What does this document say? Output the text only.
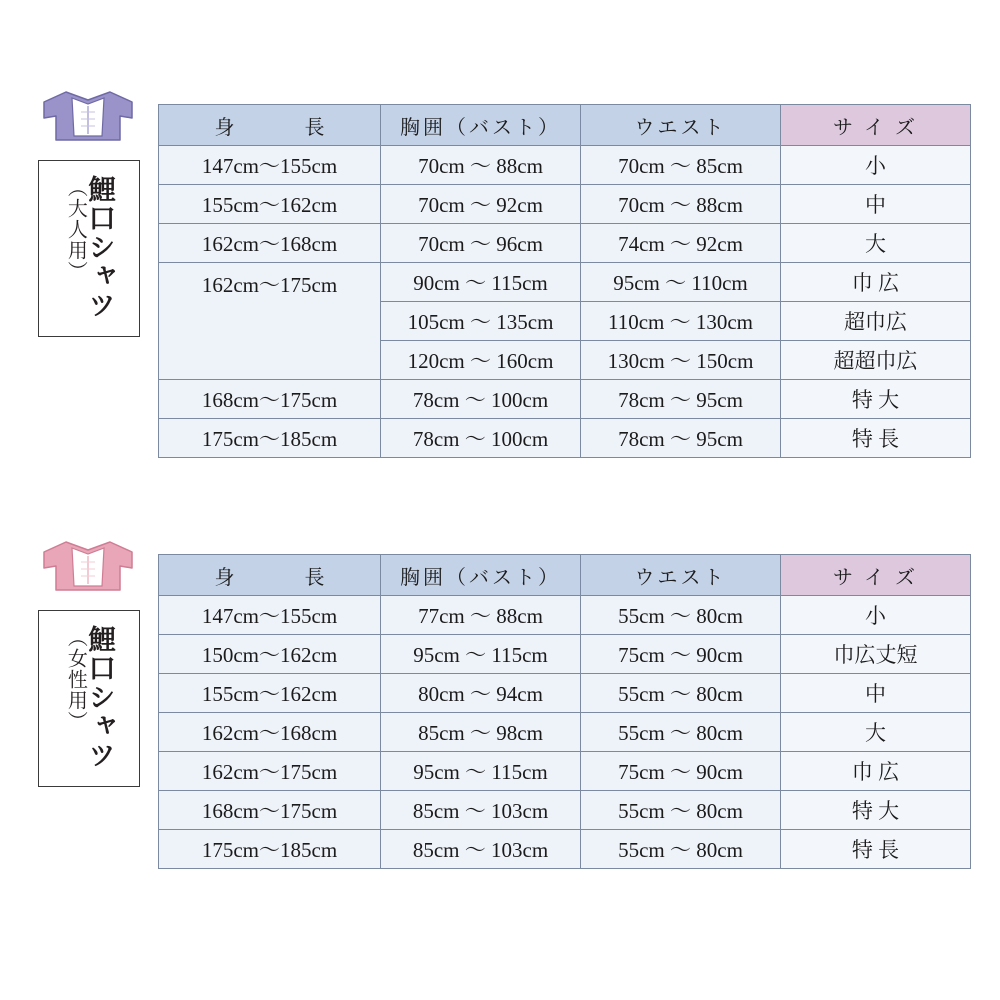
鯉口シャツ
（大人用）
身 長	胸囲（バスト）	ウエスト	サ イ ズ
147cm〜155cm	70cm 〜 88cm	70cm 〜 85cm	小
155cm〜162cm	70cm 〜 92cm	70cm 〜 88cm	中
162cm〜168cm	70cm 〜 96cm	74cm 〜 92cm	大
162cm〜175cm	90cm 〜 115cm	95cm 〜 110cm	巾 広
	105cm 〜 135cm	110cm 〜 130cm	超巾広
	120cm 〜 160cm	130cm 〜 150cm	超超巾広
168cm〜175cm	78cm 〜 100cm	78cm 〜 95cm	特 大
175cm〜185cm	78cm 〜 100cm	78cm 〜 95cm	特 長
鯉口シャツ
（女性用）
身 長	胸囲（バスト）	ウエスト	サ イ ズ
147cm〜155cm	77cm 〜 88cm	55cm 〜 80cm	小
150cm〜162cm	95cm 〜 115cm	75cm 〜 90cm	巾広丈短
155cm〜162cm	80cm 〜 94cm	55cm 〜 80cm	中
162cm〜168cm	85cm 〜 98cm	55cm 〜 80cm	大
162cm〜175cm	95cm 〜 115cm	75cm 〜 90cm	巾 広
168cm〜175cm	85cm 〜 103cm	55cm 〜 80cm	特 大
175cm〜185cm	85cm 〜 103cm	55cm 〜 80cm	特 長
